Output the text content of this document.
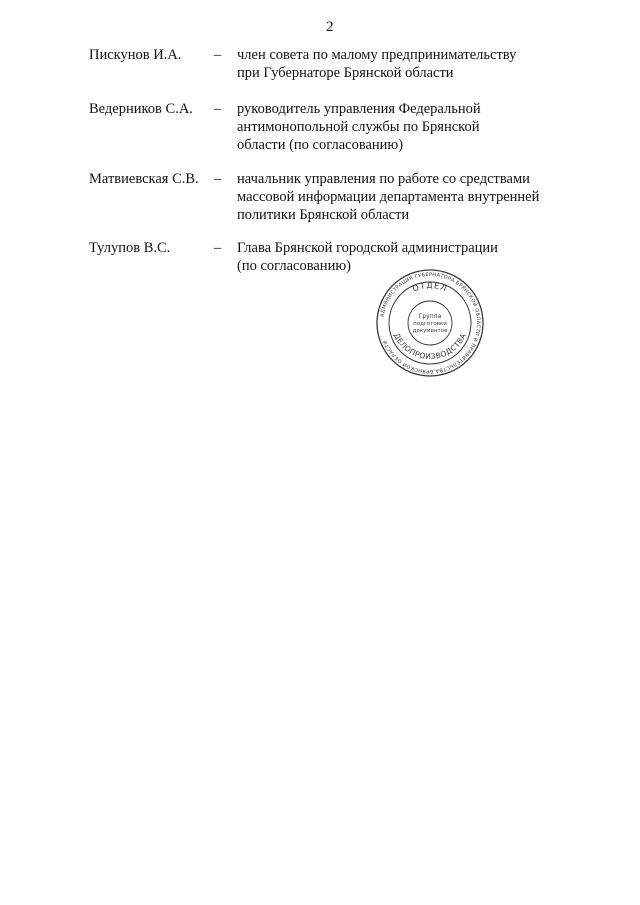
2
Пискунов И.А. – член совета по малому предпринимательству
при Губернаторе Брянской области
Ведерников С.А. – руководитель управления Федеральной
антимонопольной службы по Брянской
области (по согласованию)
Матвиевская С.В. – начальник управления по работе со средствами
массовой информации департамента внутренней
политики Брянской области
Тулупов В.С.	– Глава Брянской городской администрации
(по согласованию)
АДМИНИСТРАЦИЯ ГУБЕРНАТОРА БРЯНСКОЙ ОБЛАСТИ И ПРАВИТЕЛЬСТВА БРЯНСКОЙ ОБЛАСТИ
ОТДЕЛ
ДЕЛОПРОИЗВОДСТВА
Группа
подготовки
документов
